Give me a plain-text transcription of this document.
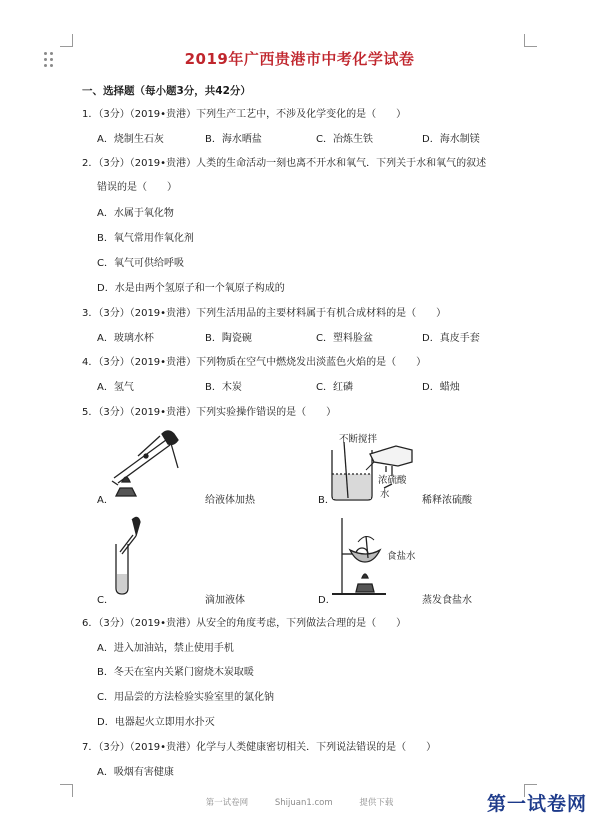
2019年广西贵港市中考化学试卷
一、选择题（每小题3分，共42分）
1．（3分）（2019•贵港）下列生产工艺中，不涉及化学变化的是（　　）
A．烧制生石灰	B．海水晒盐	C．冶炼生铁	D．海水制镁
2．（3分）（2019•贵港）人类的生命活动一刻也离不开水和氧气．下列关于水和氧气的叙述
错误的是（　　）
A．水属于氧化物
B．氧气常用作氧化剂
C．氧气可供给呼吸
D．水是由两个氢原子和一个氧原子构成的
3．（3分）（2019•贵港）下列生活用品的主要材料属于有机合成材料的是（　　）
A．玻璃水杯	B．陶瓷碗	C．塑料脸盆	D．真皮手套
4．（3分）（2019•贵港）下列物质在空气中燃烧发出淡蓝色火焰的是（　　）
A．氢气	B．木炭	C．红磷	D．蜡烛
5．（3分）（2019•贵港）下列实验操作错误的是（　　）
A．	给液体加热
不断搅拌
浓硫酸
水
B．	稀释浓硫酸
C．	滴加液体
食盐水
D．	蒸发食盐水
6．（3分）（2019•贵港）从安全的角度考虑，下列做法合理的是（　　）
A．进入加油站，禁止使用手机
B．冬天在室内关紧门窗烧木炭取暖
C．用品尝的方法检验实验室里的氯化钠
D．电器起火立即用水扑灭
7．（3分）（2019•贵港）化学与人类健康密切相关．下列说法错误的是（　　）
A．吸烟有害健康
第一试卷网	Shijuan1.com	提供下载	第一试卷网
